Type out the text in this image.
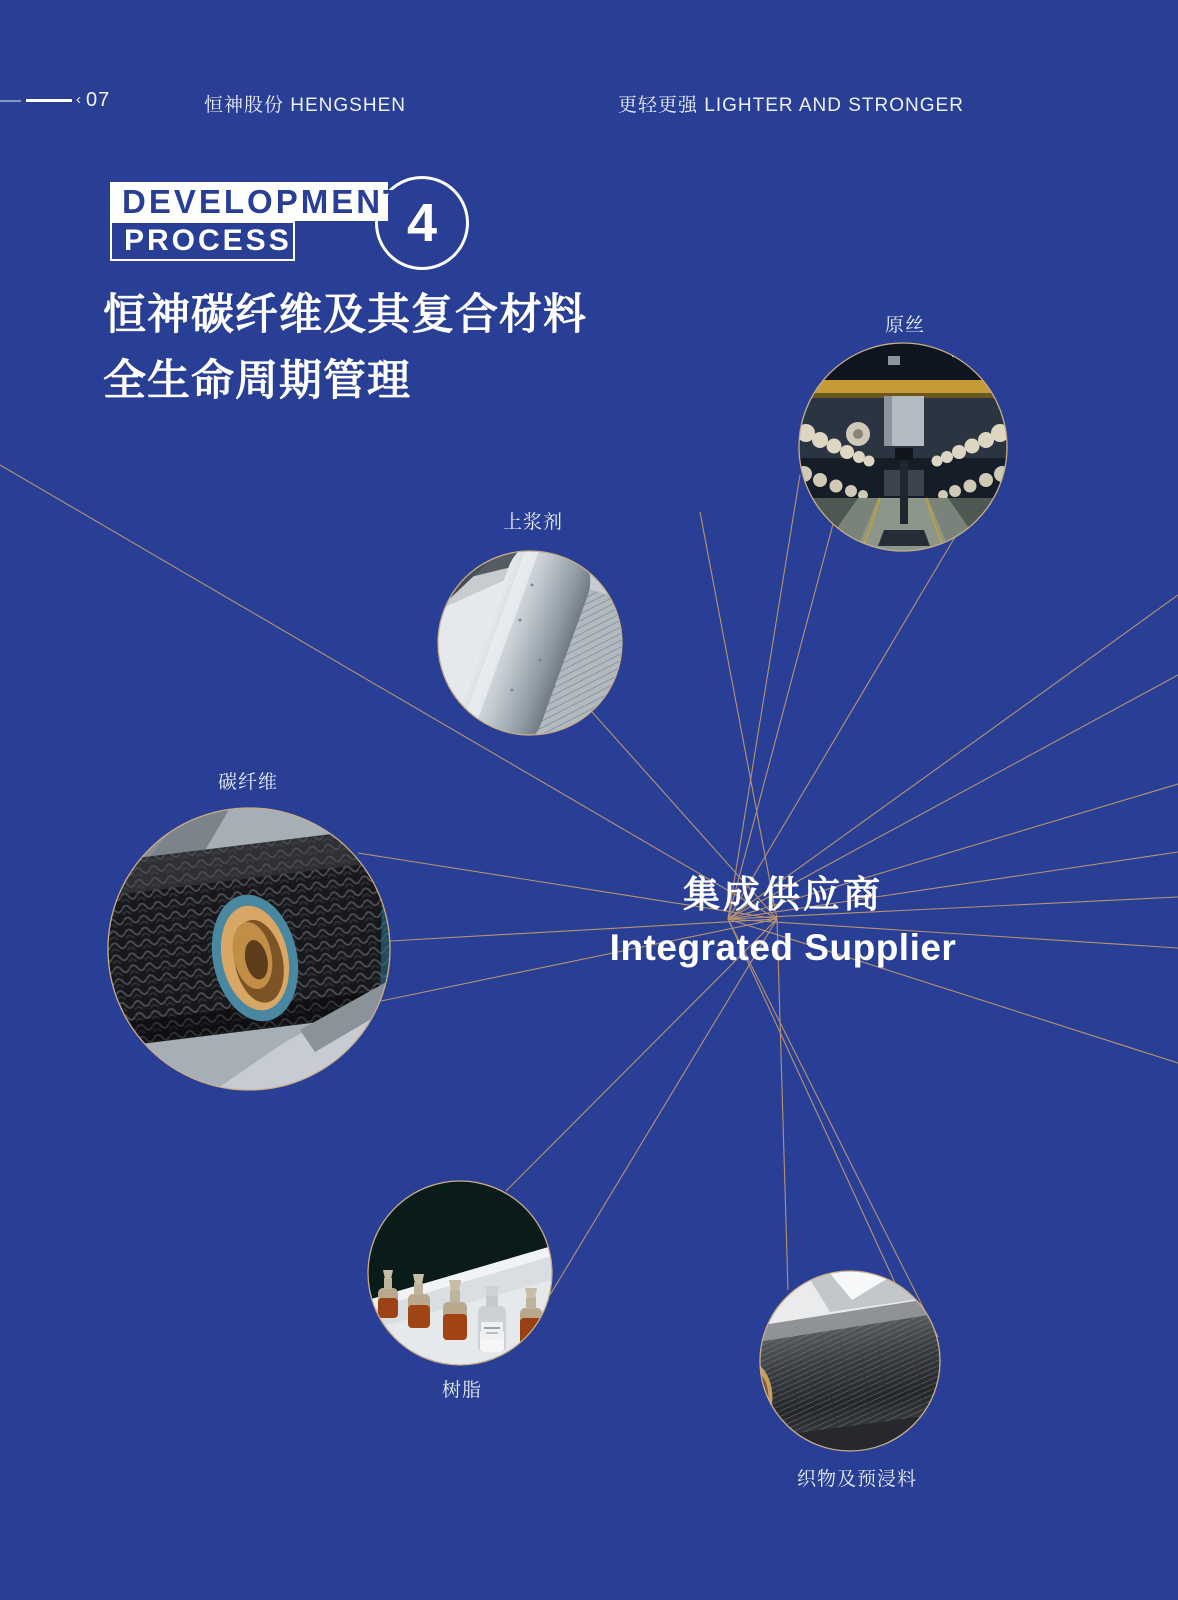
‹ 07	恒神股份 HENGSHEN	更轻更强 LIGHTER AND STRONGER
4
DEVELOPMENT
PROCESS
恒神碳纤维及其复合材料
全生命周期管理
原丝
上浆剂
碳纤维
树脂
织物及预浸料
集成供应商
Integrated Supplier
